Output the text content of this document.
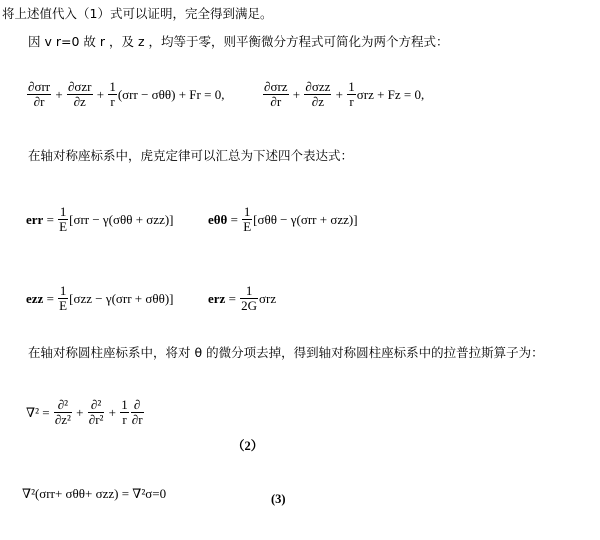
将上述值代入（1）式可以证明，完全得到满足。
因 v r=0 故 r ，及 z ，均等于零，则平衡微分方程式可简化为两个方程式：
$\frac{\text{∂σrr}}{\partial r} + \frac{\text{∂σzr}}{\partial z} + \frac{1}{r} (\sigma rr - \sigma\theta\theta)$
+ Fr = 0,	$\frac{\text{∂σrz}}{\partial r} + \frac{\text{∂σzz}}{\partial z} + \frac{1}{r}$ σrz
+ Fz = 0,
在轴对称座标系中，虎克定律可以汇总为下述四个表达式：
err = $\frac{1}{E} [\sigma rr - \gamma(\sigma\theta\theta + \sigma zz)]$	$e\theta\theta = \frac{1}{E} [\sigma\theta\theta - \gamma(\sigma rr + \sigma zz)]$
ezz = $\frac{1}{E} [\sigma zz - \gamma(\sigma rr + \sigma\theta\theta)]$	erz = $\frac{1}{2G}$ σrz
在轴对称圆柱座标系中，将对 θ 的微分项去掉，得到轴对称圆柱座标系中的拉普拉斯算子为：
$\nabla^2 = \frac{\text{∂²}}{\text{∂z²}} + \frac{\text{∂²}}{\text{∂r²}} + \frac{1}{r} \frac{\partial}{\partial r}$
（2）
∇²(σrr+ σθθ+ σzz) = ∇²σ=0	(3)
